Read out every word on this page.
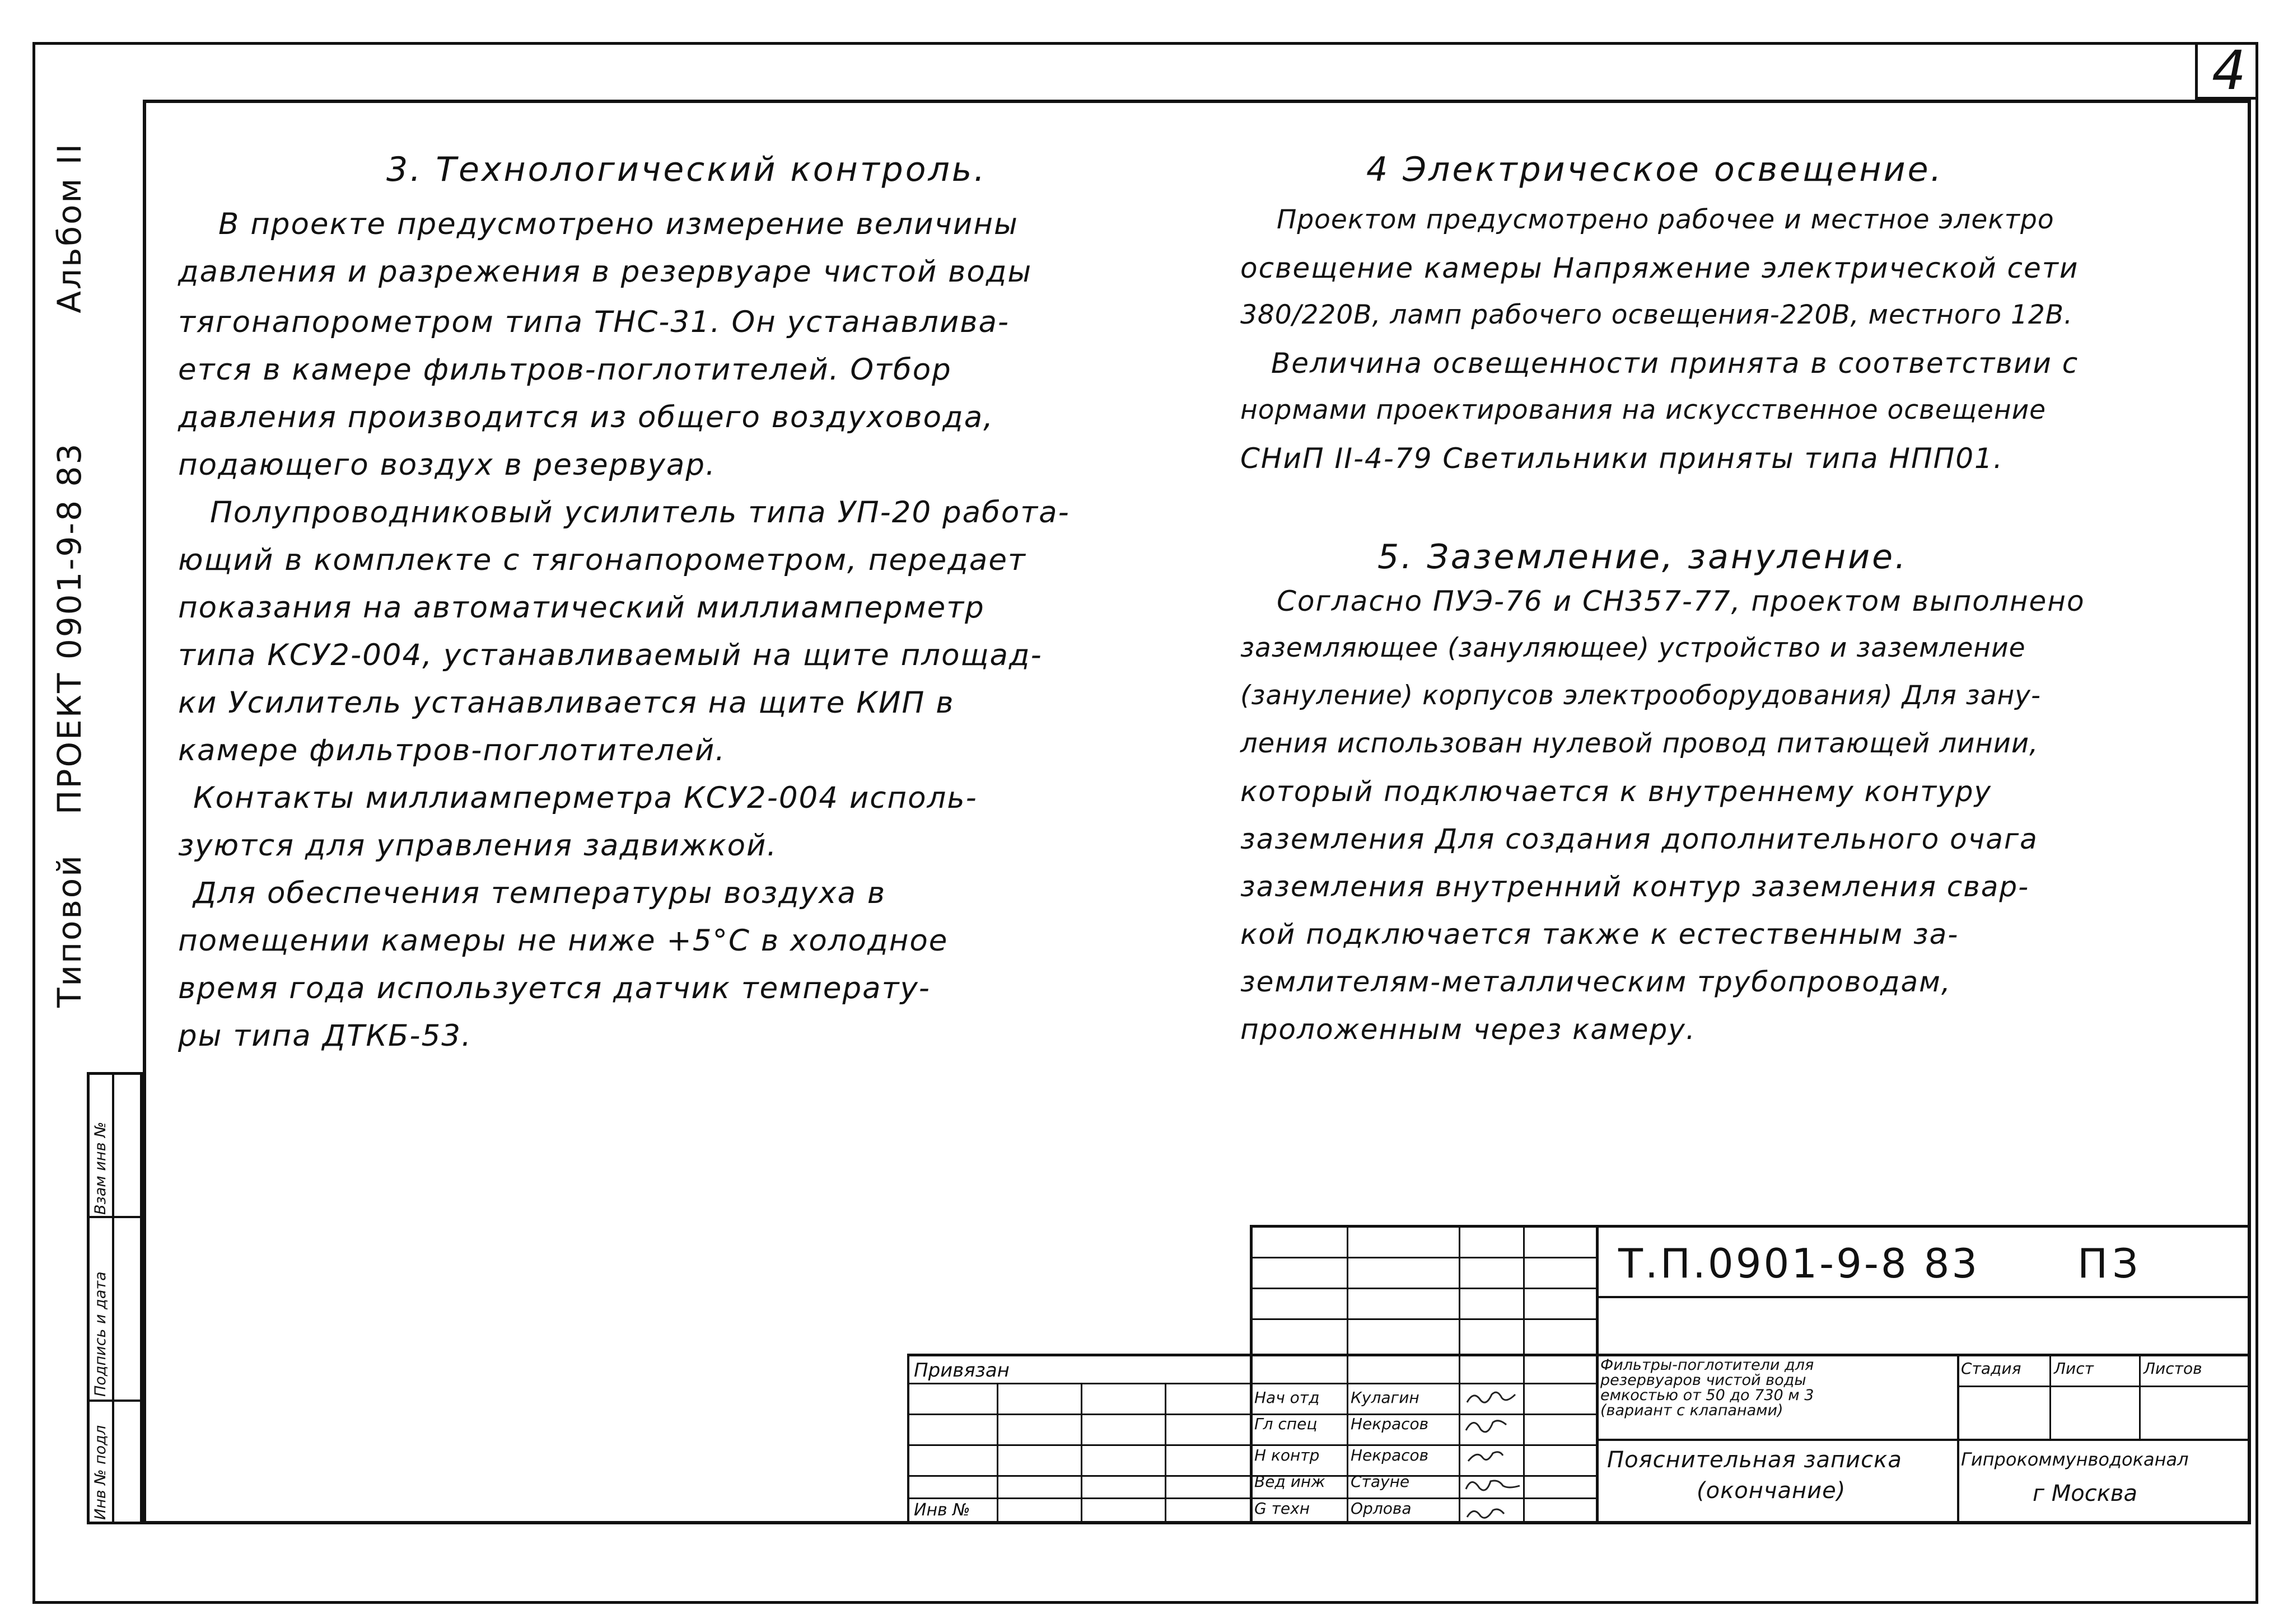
4
Типовой
ПРОЕКТ 0901-9-8 83
Альбом II
Взам инв №
Подпись и дата
Инв № подл
3. Технологический контроль.
В проекте предусмотрено измерение величины
давления и разрежения в резервуаре чистой воды
тягонапорометром типа ТНС-31. Он устанавлива-
ется в камере фильтров-поглотителей. Отбор
давления производится из общего воздуховода,
подающего воздух в резервуар.
Полупроводниковый усилитель типа УП-20 работа-
ющий в комплекте с тягонапорометром, передает
показания на автоматический миллиамперметр
типа КСУ2-004, устанавливаемый на щите площад-
ки Усилитель устанавливается на щите КИП в
камере фильтров-поглотителей.
Контакты миллиамперметра КСУ2-004 исполь-
зуются для управления задвижкой.
Для обеспечения температуры воздуха в
помещении камеры не ниже +5°С в холодное
время года используется датчик температу-
ры типа ДТКБ-53.
4 Электрическое освещение.
Проектом предусмотрено рабочее и местное электро
освещение камеры Напряжение электрической сети
380/220В, ламп рабочего освещения-220В, местного 12В.
Величина освещенности принята в соответствии с
нормами проектирования на искусственное освещение
СНиП II-4-79 Светильники приняты типа НПП01.
5. Заземление, зануление.
Согласно ПУЭ-76 и СН357-77, проектом выполнено
заземляющее (зануляющее) устройство и заземление
(зануление) корпусов электрооборудования) Для зану-
ления использован нулевой провод питающей линии,
который подключается к внутреннему контуру
заземления Для создания дополнительного очага
заземления внутренний контур заземления свар-
кой подключается также к естественным за-
землителям-металлическим трубопроводам,
проложенным через камеру.
Т.П.0901-9-8 83 ПЗ
Привязан
Инв №
Нач отд Кулагин
Гл спец Некрасов
Н контр Некрасов
Вед инж Стауне
G техн	Орлова
Фильтры-поглотители для
резервуаров чистой воды
емкостью от 50 до 730 м 3
(вариант с клапанами)
Стадия Лист	Листов
Пояснительная записка
(окончание)
Гипрокоммунводоканал
г Москва
